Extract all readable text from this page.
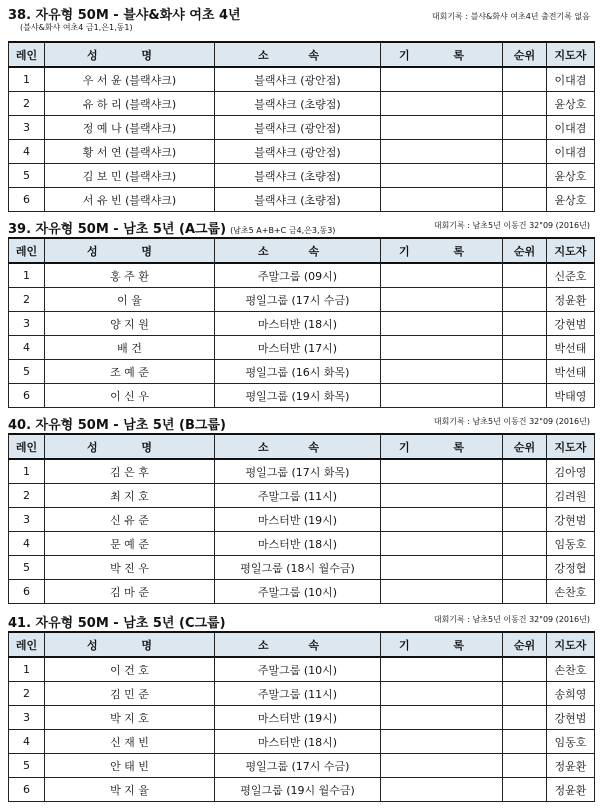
38. 자유형 50M - 블샤&화샤 여초 4년
(블샤&화샤 여초4 금1,은1,동1)
대회기록 : 블샤&화샤 여초4년 출전기록 없음
레인	성 명	소 속	기 록	순위	지도자
1	우 서 윤 (블랙샤크)	블랙샤크 (광안점)			이대겸
2	유 하 리 (블랙샤크)	블랙샤크 (초량점)			윤상호
3	정 예 나 (블랙샤크)	블랙샤크 (광안점)			이대겸
4	황 서 연 (블랙샤크)	블랙샤크 (광안점)			이대겸
5	김 보 민 (블랙샤크)	블랙샤크 (초량점)			윤상호
6	서 유 빈 (블랙샤크)	블랙샤크 (초량점)			윤상호
39. 자유형 50M - 남초 5년 (A그룹) (남초5 A+B+C 금4,은3,동3)
대회기록 : 남초5년 이동건 32"09 (2016년)
레인	성 명	소 속	기 록	순위	지도자
1	홍 주 환	주말그룹 (09시)			신준호
2	이 율	평일그룹 (17시 수금)			정윤환
3	양 지 원	마스터반 (18시)			강현범
4	배 건	마스터반 (17시)			박선태
5	조 예 준	평일그룹 (16시 화목)			박선태
6	이 신 우	평일그룹 (19시 화목)			박태영
40. 자유형 50M - 남초 5년 (B그룹)	대회기록 : 남초5년 이동건 32"09 (2016년)
레인	성 명	소 속	기 록	순위	지도자
1	김 은 후	평일그룹 (17시 화목)			김아영
2	최 지 호	주말그룹 (11시)			김려원
3	신 유 준	마스터반 (19시)			강현범
4	문 예 준	마스터반 (18시)			임동호
5	박 진 우	평일그룹 (18시 월수금)			강정협
6	김 마 준	주말그룹 (10시)			손찬호
41. 자유형 50M - 남초 5년 (C그룹)	대회기록 : 남초5년 이동건 32"09 (2016년)
레인	성 명	소 속	기 록	순위	지도자
1	이 건 호	주말그룹 (10시)			손찬호
2	김 민 준	주말그룹 (11시)			송희영
3	박 지 호	마스터반 (19시)			강현범
4	신 재 빈	마스터반 (18시)			임동호
5	안 태 빈	평일그룹 (17시 수금)			정윤환
6	박 지 율	평일그룹 (19시 월수금)			정윤환
